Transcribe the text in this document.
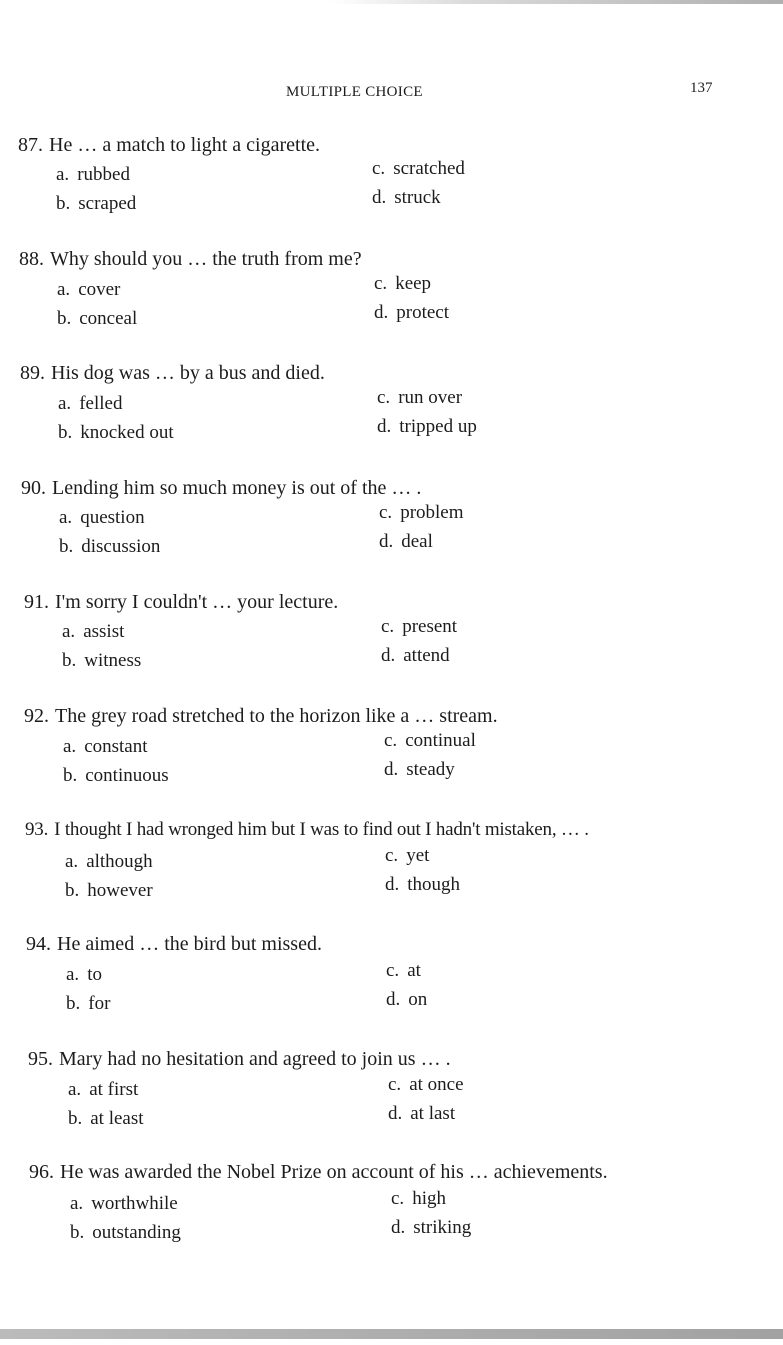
MULTIPLE CHOICE	137
87. He … a match to light a cigarette.
a. rubbed
b. scraped
c. scratched
d. struck
88. Why should you … the truth from me?
a. cover
b. conceal
c. keep
d. protect
89. His dog was … by a bus and died.
a. felled
b. knocked out
c. run over
d. tripped up
90. Lending him so much money is out of the … .
a. question
b. discussion
c. problem
d. deal
91. I'm sorry I couldn't … your lecture.
a. assist
b. witness
c. present
d. attend
92. The grey road stretched to the horizon like a … stream.
a. constant
b. continuous
c. continual
d. steady
93. I thought I had wronged him but I was to find out I hadn't mistaken, … .
a. although
b. however
c. yet
d. though
94. He aimed … the bird but missed.
a. to
b. for
c. at
d. on
95. Mary had no hesitation and agreed to join us … .
a. at first
b. at least
c. at once
d. at last
96. He was awarded the Nobel Prize on account of his … achievements.
a. worthwhile
b. outstanding
c. high
d. striking
